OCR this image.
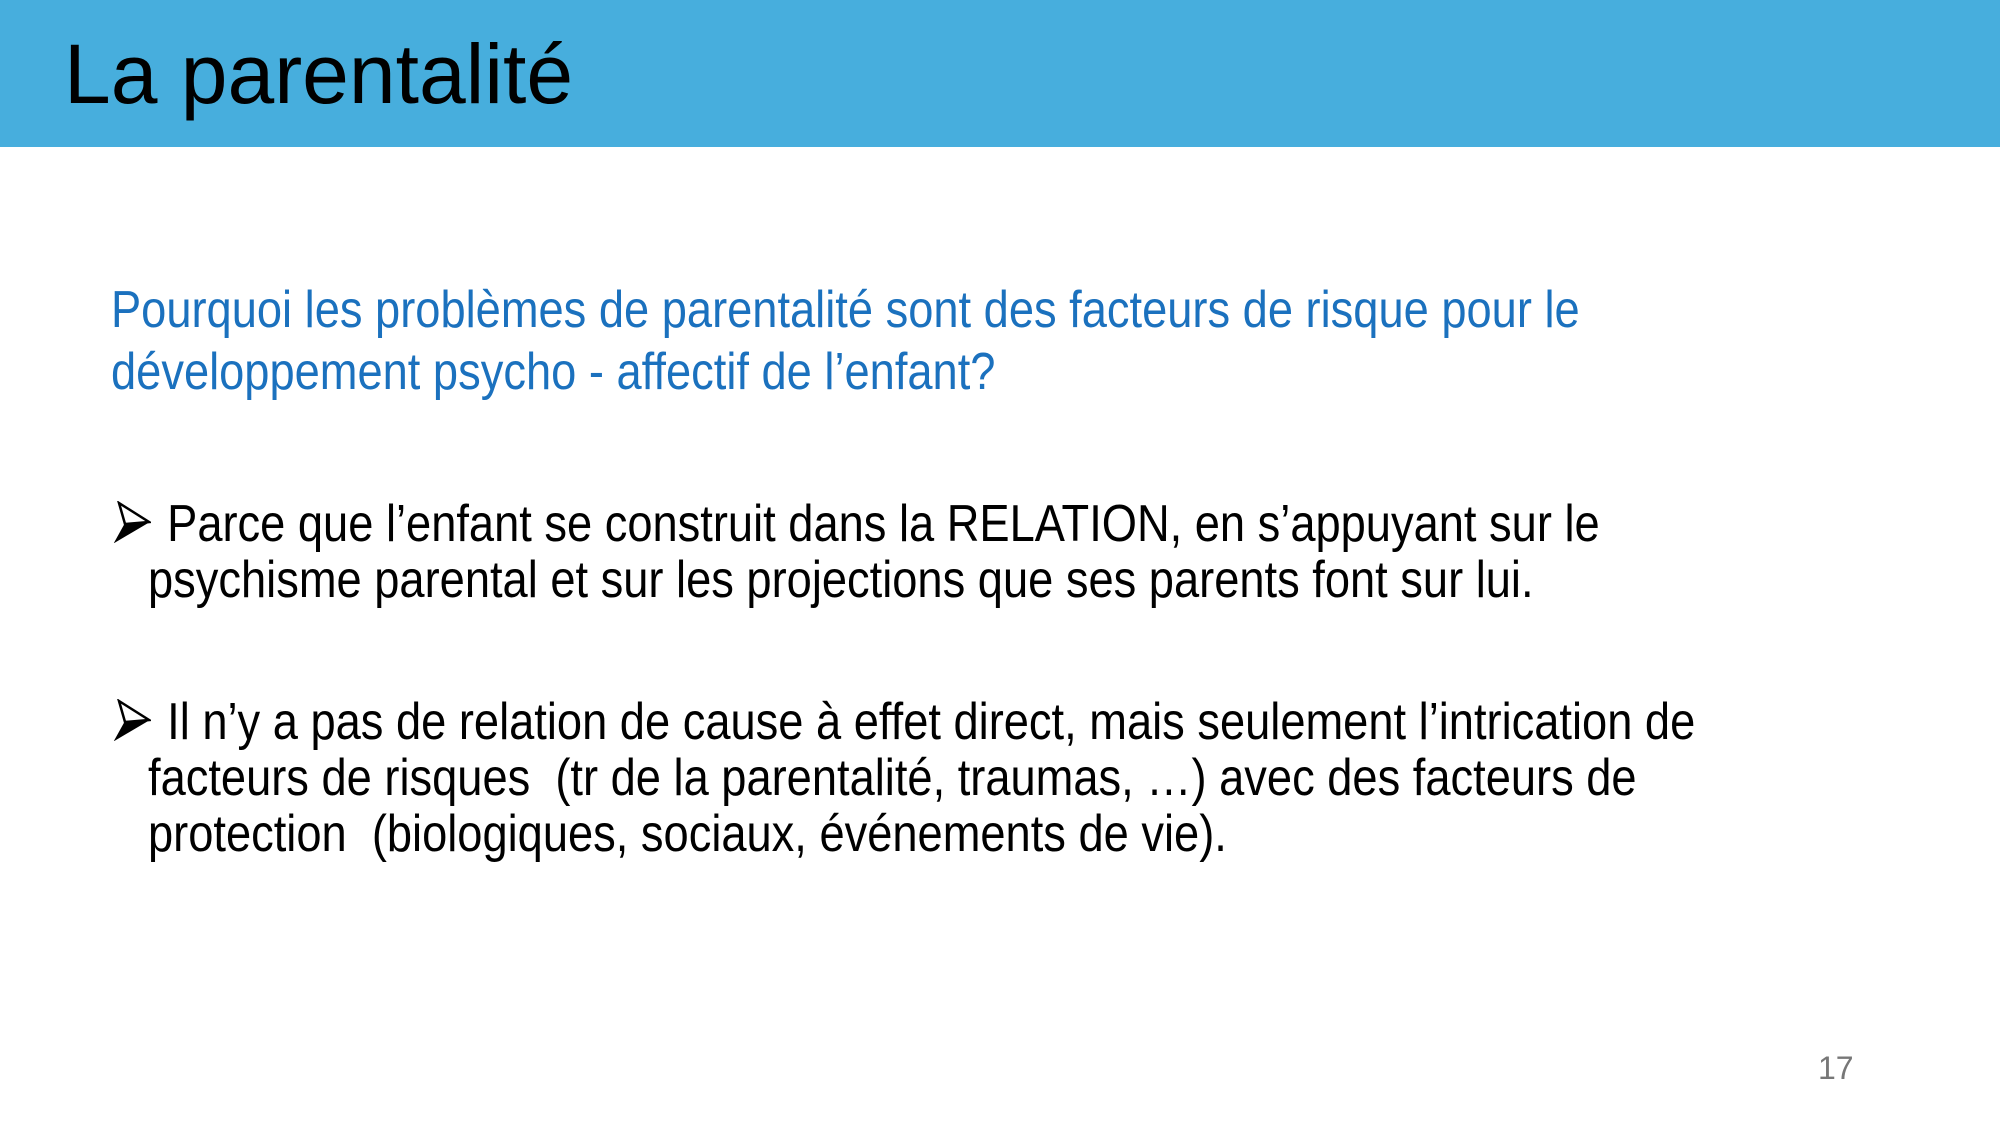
La parentalité
Pourquoi les problèmes de parentalité sont des facteurs de risque pour le
développement psycho - affectif de l’enfant?
Parce que l’enfant se construit dans la RELATION, en s’appuyant sur le
psychisme parental et sur les projections que ses parents font sur lui.
Il n’y a pas de relation de cause à effet direct, mais seulement l’intrication de
facteurs de risques  (tr de la parentalité, traumas, …) avec des facteurs de
protection  (biologiques, sociaux, événements de vie).
17
